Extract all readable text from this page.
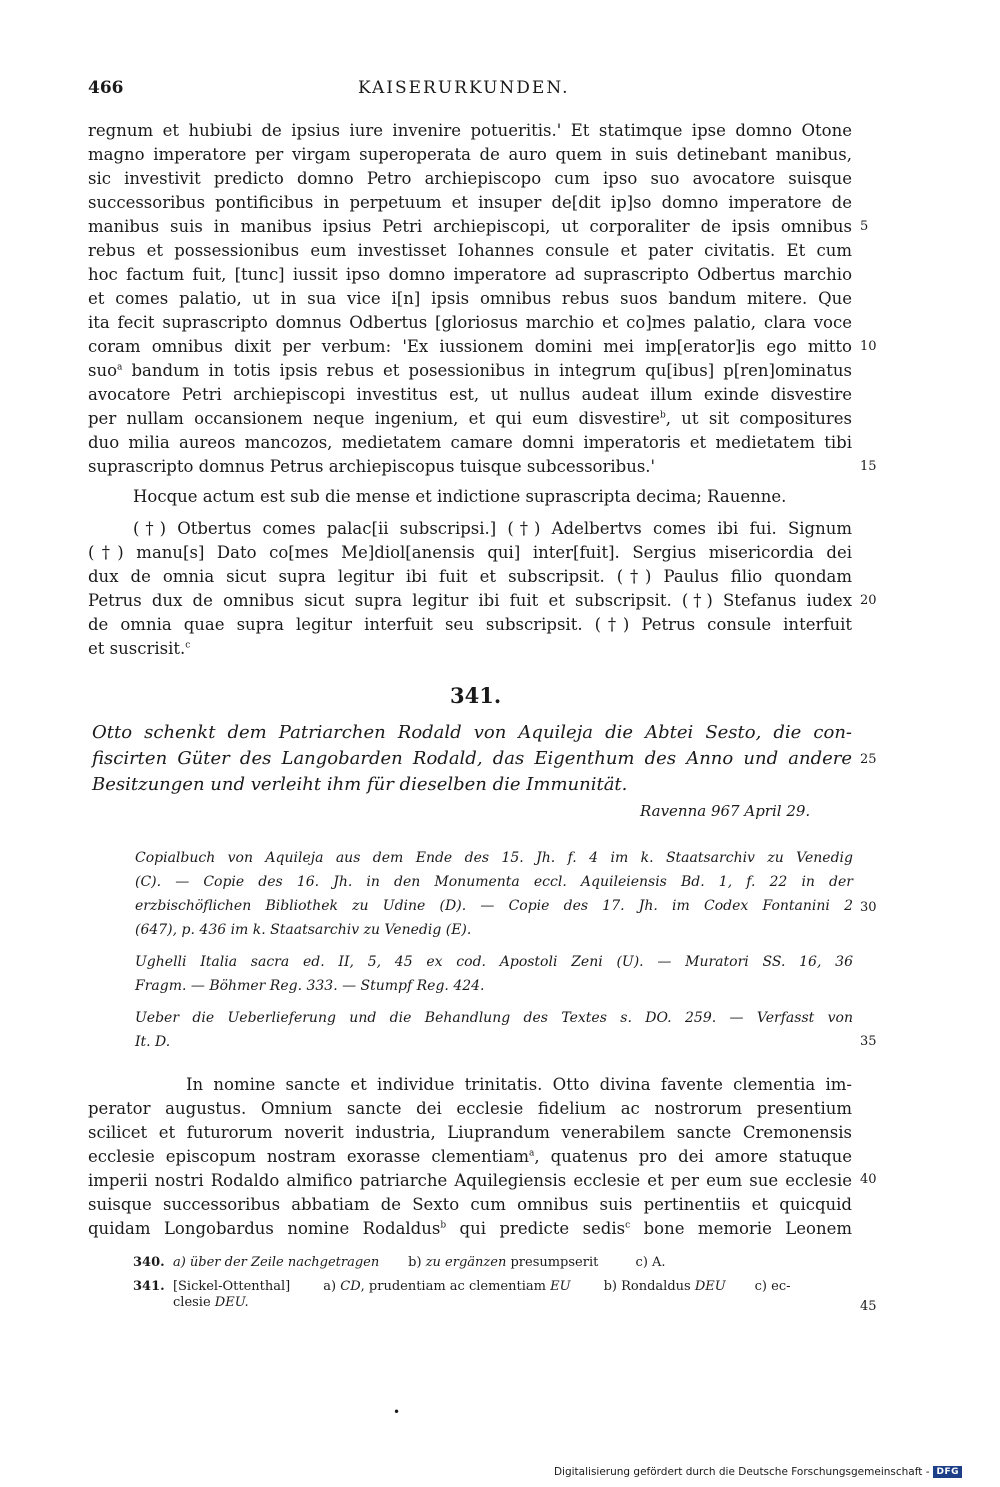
466	KAISERURKUNDEN.
regnum et hubiubi de ipsius iure invenire potueritis.' Et statimque ipse domno Otone
magno imperatore per virgam superoperata de auro quem in suis detinebant manibus,
sic investivit predicto domno Petro archiepiscopo cum ipso suo avocatore suisque
successoribus pontificibus in perpetuum et insuper de[dit ip]so domno imperatore de
manibus suis in manibus ipsius Petri archiepiscopi, ut corporaliter de ipsis omnibus
rebus et possessionibus eum investisset Iohannes consule et pater civitatis. Et cum
hoc factum fuit, [tunc] iussit ipso domno imperatore ad suprascripto Odbertus marchio
et comes palatio, ut in sua vice i[n] ipsis omnibus rebus suos bandum mitere. Que
ita fecit suprascripto domnus Odbertus [gloriosus marchio et co]mes palatio, clara voce
coram omnibus dixit per verbum: 'Ex iussionem domini mei imp[erator]is ego mitto
suo$^a$ bandum in totis ipsis rebus et posessionibus in integrum qu[ibus] p[ren]ominatus
avocatore Petri archiepiscopi investitus est, ut nullus audeat illum exinde disvestire
per nullam occansionem neque ingenium, et qui eum disvestire$^b$, ut sit compositures
duo milia aureos mancozos, medietatem camare domni imperatoris et medietatem tibi
suprascripto domnus Petrus archiepiscopus tuisque subcessoribus.'
Hocque actum est sub die mense et indictione suprascripta decima; Rauenne.
(†) Otbertus comes palac[ii subscripsi.] (†) Adelbertvs comes ibi fui. Signum
(†) manu[s] Dato co[mes Me]diol[anensis qui] inter[fuit]. Sergius misericordia dei
dux de omnia sicut supra legitur ibi fuit et subscripsit. (†) Paulus filio quondam
Petrus dux de omnibus sicut supra legitur ibi fuit et subscripsit. (†) Stefanus iudex
de omnia quae supra legitur interfuit seu subscripsit. (†) Petrus consule interfuit
et suscrisit.$^c$
341.
Otto schenkt dem Patriarchen Rodald von Aquileja die Abtei Sesto, die con-
fiscirten Güter des Langobarden Rodald, das Eigenthum des Anno und andere
Besitzungen und verleiht ihm für dieselben die Immunität.
Ravenna 967 April 29.
Copialbuch von Aquileja aus dem Ende des 15. Jh. f. 4 im k. Staatsarchiv zu Venedig
(C). — Copie des 16. Jh. in den Monumenta eccl. Aquileiensis Bd. 1, f. 22 in der
erzbischöflichen Bibliothek zu Udine (D). — Copie des 17. Jh. im Codex Fontanini 2
(647), p. 436 im k. Staatsarchiv zu Venedig (E).
Ughelli Italia sacra ed. II, 5, 45 ex cod. Apostoli Zeni (U). — Muratori SS. 16, 36
Fragm. — Böhmer Reg. 333. — Stumpf Reg. 424.
Ueber die Ueberlieferung und die Behandlung des Textes s. DO. 259. — Verfasst von
It. D.
In nomine sancte et individue trinitatis. Otto divina favente clementia im-
perator augustus. Omnium sancte dei ecclesie fidelium ac nostrorum presentium
scilicet et futurorum noverit industria, Liuprandum venerabilem sancte Cremonensis
ecclesie episcopum nostram exorasse clementiam$^a$, quatenus pro dei amore statuque
imperii nostri Rodaldo almifico patriarche Aquilegiensis ecclesie et per eum sue ecclesie
suisque successoribus abbatiam de Sexto cum omnibus suis pertinentiis et quicquid
quidam Longobardus nomine Rodaldus$^b$ qui predicte sedis$^c$ bone memorie Leonem
5
10
15
20
25
30
35
40
45
340. a) über der Zeile nachgetragen b) zu ergänzen presumpserit	c) A.
341. [Sickel-Ottenthal]	a) CD, prudentiam ac clementiam EU	b) Rondaldus DEU c) ec-
clesie DEU.
•
Digitalisierung gefördert durch die Deutsche Forschungsgemeinschaft - DFG
